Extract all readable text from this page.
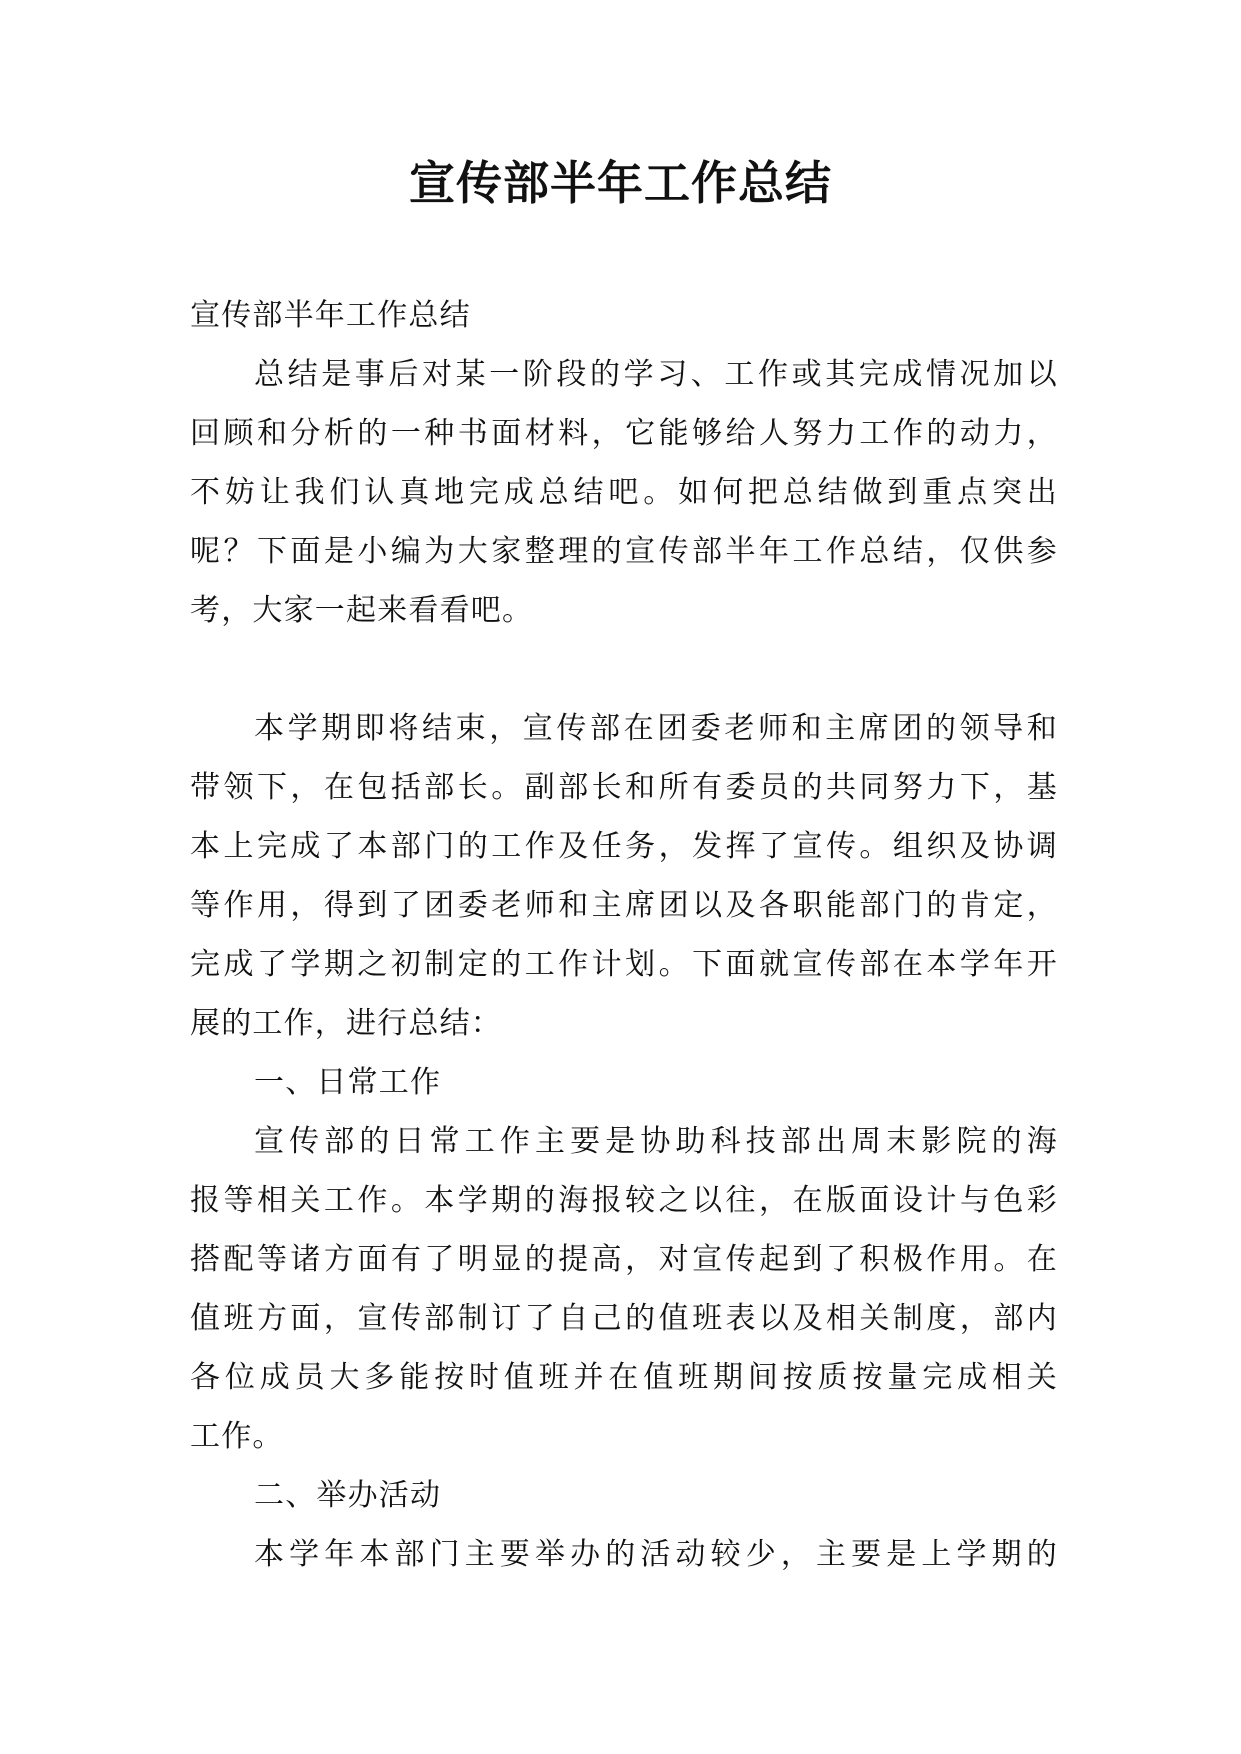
宣传部半年工作总结

宣传部半年工作总结

总结是事后对某一阶段的学习、工作或其完成情况加以

回顾和分析的一种书面材料，它能够给人努力工作的动力，

不妨让我们认真地完成总结吧。如何把总结做到重点突出

呢？下面是小编为大家整理的宣传部半年工作总结，仅供参

考，大家一起来看看吧。

本学期即将结束，宣传部在团委老师和主席团的领导和

带领下，在包括部长。副部长和所有委员的共同努力下，基

本上完成了本部门的工作及任务，发挥了宣传。组织及协调

等作用，得到了团委老师和主席团以及各职能部门的肯定，

完成了学期之初制定的工作计划。下面就宣传部在本学年开

展的工作，进行总结：

一、日常工作

宣传部的日常工作主要是协助科技部出周末影院的海

报等相关工作。本学期的海报较之以往，在版面设计与色彩

搭配等诸方面有了明显的提高，对宣传起到了积极作用。在

值班方面，宣传部制订了自己的值班表以及相关制度，部内

各位成员大多能按时值班并在值班期间按质按量完成相关

工作。

二、举办活动

本学年本部门主要举办的活动较少，主要是上学期的
